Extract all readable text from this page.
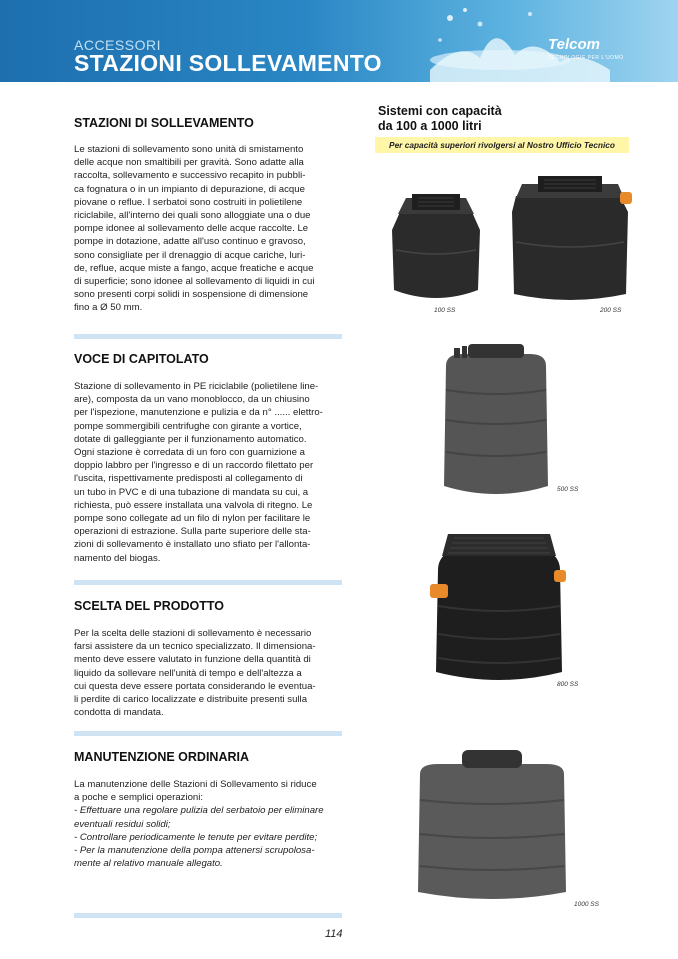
ACCESSORI
STAZIONI SOLLEVAMENTO
Telcom
TECNOLOGIE PER L'UOMO
STAZIONI DI SOLLEVAMENTO
Le stazioni di sollevamento sono unità di smistamento
delle acque non smaltibili per gravità. Sono adatte alla
raccolta, sollevamento e successivo recapito in pubbli-
ca fognatura o in un impianto di depurazione, di acque
piovane o reflue. I serbatoi sono costruiti in polietilene
riciclabile, all'interno dei quali sono alloggiate una o due
pompe idonee al sollevamento delle acque raccolte. Le
pompe in dotazione, adatte all'uso continuo e gravoso,
sono consigliate per il drenaggio di acque cariche, luri-
de, reflue, acque miste a fango, acque freatiche e acque
di superficie; sono idonee al sollevamento di liquidi in cui
sono presenti corpi solidi in sospensione di dimensione
fino a Ø 50 mm.
VOCE DI CAPITOLATO
Stazione di sollevamento in PE riciclabile (polietilene line-
are), composta da un vano monoblocco, da un chiusino
per l'ispezione, manutenzione e pulizia e da n° ...... elettro-
pompe sommergibili centrifughe con girante a vortice,
dotate di galleggiante per il funzionamento automatico.
Ogni stazione è corredata di un foro con guarnizione a
doppio labbro per l'ingresso e di un raccordo filettato per
l'uscita, rispettivamente predisposti al collegamento di
un tubo in PVC e di una tubazione di mandata su cui, a
richiesta, può essere installata una valvola di ritegno. Le
pompe sono collegate ad un filo di nylon per facilitare le
operazioni di estrazione. Sulla parte superiore delle sta-
zioni di sollevamento è installato uno sfiato per l'allonta-
namento del biogas.
SCELTA DEL PRODOTTO
Per la scelta delle stazioni di sollevamento è necessario
farsi assistere da un tecnico specializzato. Il dimensiona-
mento deve essere valutato in funzione della quantità di
liquido da sollevare nell'unità di tempo e dell'altezza a
cui questa deve essere portata considerando le eventua-
li perdite di carico localizzate e distribuite presenti sulla
condotta di mandata.
MANUTENZIONE ORDINARIA
La manutenzione delle Stazioni di Sollevamento si riduce
a poche e semplici operazioni:
- Effettuare una regolare pulizia del serbatoio per eliminare
eventuali residui solidi;
- Controllare periodicamente le tenute per evitare perdite;
- Per la manutenzione della pompa attenersi scrupolosa-
mente al relativo manuale allegato.
Sistemi con capacità
da 100 a 1000 litri
Per capacità superiori rivolgersi al Nostro Ufficio Tecnico
100 SS	200 SS
500 SS
800 SS
1000 SS
114
